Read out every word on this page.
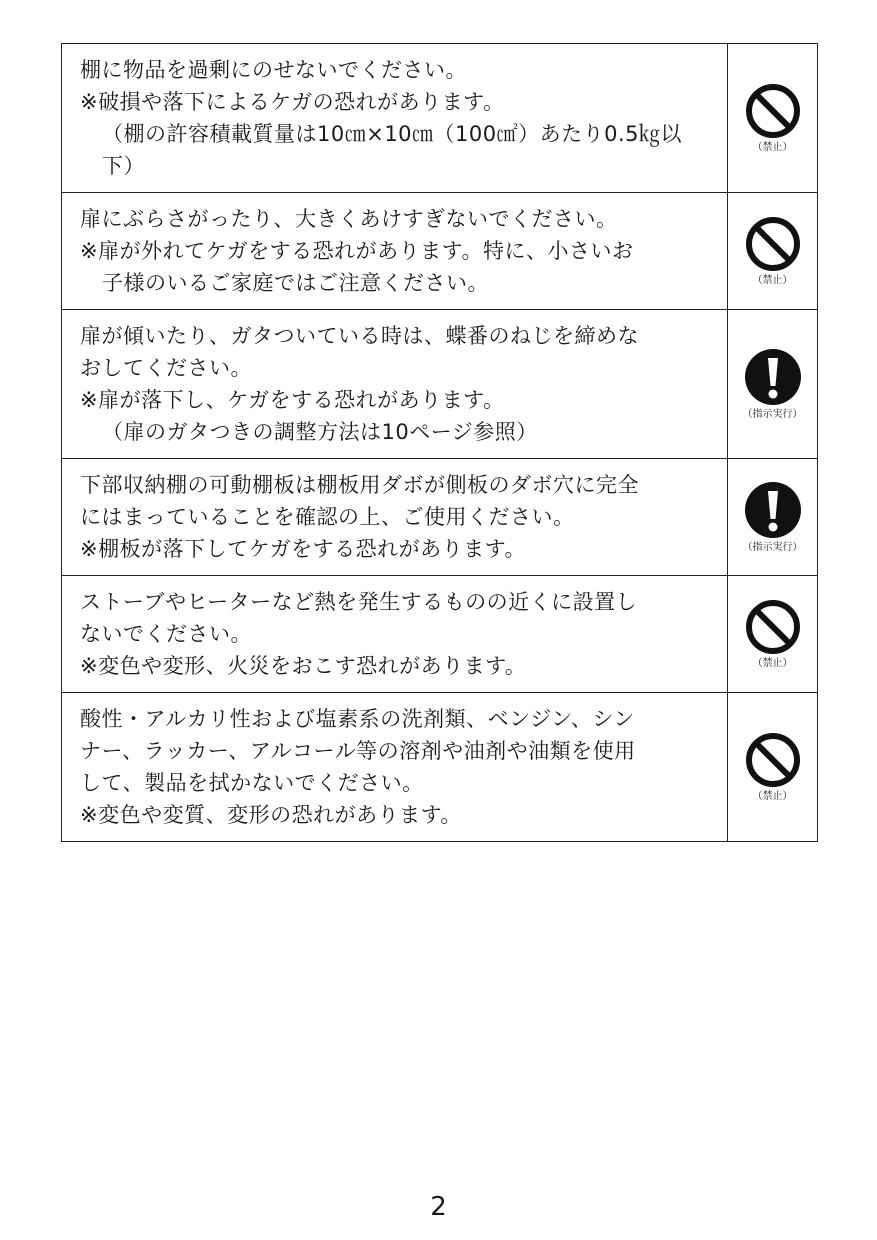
棚に物品を過剰にのせないでください。
※破損や落下によるケガの恐れがあります。
（棚の許容積載質量は10㎝×10㎝（100㎠）あたり0.5㎏以
下）	（禁止）

扉にぶらさがったり、大きくあけすぎないでください。
※扉が外れてケガをする恐れがあります。特に、小さいお
子様のいるご家庭ではご注意ください。	（禁止）

扉が傾いたり、ガタついている時は、蝶番のねじを締めな
おしてください。
※扉が落下し、ケガをする恐れがあります。
（扉のガタつきの調整方法は10ページ参照）	（指示実行）

下部収納棚の可動棚板は棚板用ダボが側板のダボ穴に完全
にはまっていることを確認の上、ご使用ください。
※棚板が落下してケガをする恐れがあります。	（指示実行）

ストーブやヒーターなど熱を発生するものの近くに設置し
ないでください。
※変色や変形、火災をおこす恐れがあります。	（禁止）

酸性・アルカリ性および塩素系の洗剤類、ベンジン、シン
ナー、ラッカー、アルコール等の溶剤や油剤や油類を使用
して、製品を拭かないでください。
※変色や変質、変形の恐れがあります。	（禁止）
2
